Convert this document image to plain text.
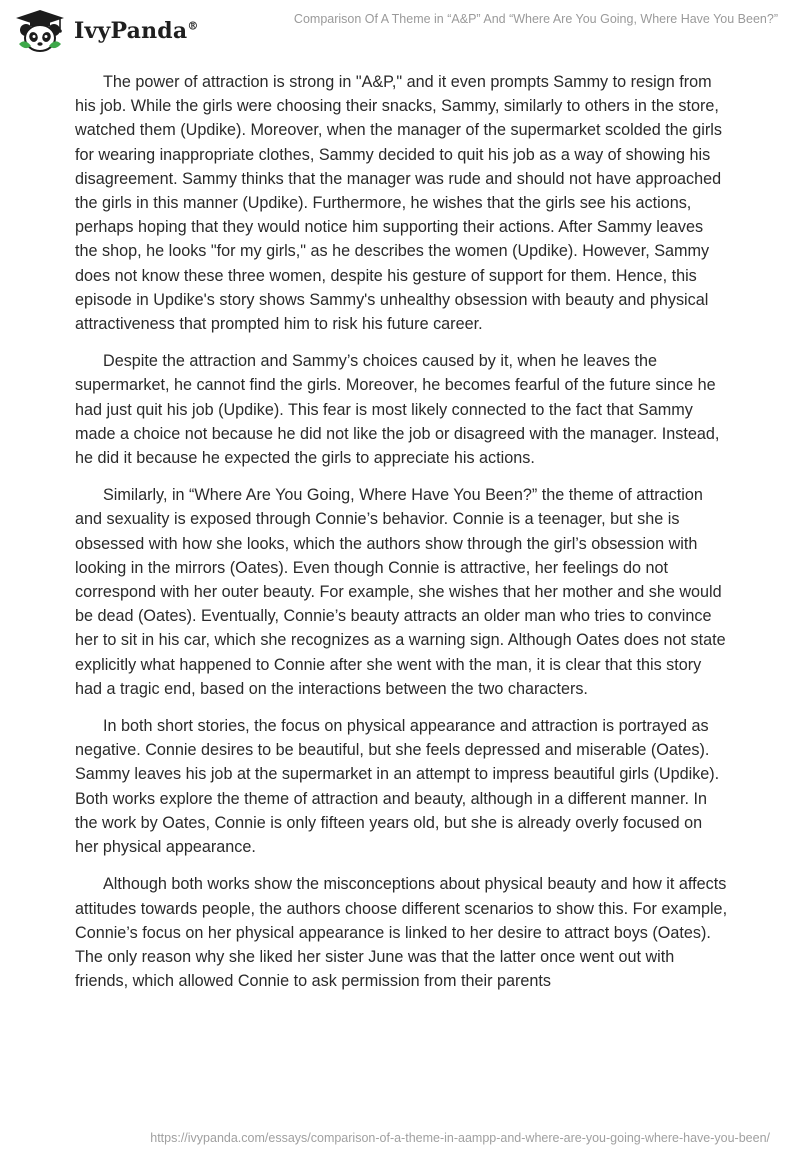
IvyPanda®
Comparison Of A Theme in “A&P” And “Where Are You Going, Where Have You Been?”

The power of attraction is strong in "A&P," and it even prompts Sammy to resign from his job. While the girls were choosing their snacks, Sammy, similarly to others in the store, watched them (Updike). Moreover, when the manager of the supermarket scolded the girls for wearing inappropriate clothes, Sammy decided to quit his job as a way of showing his disagreement. Sammy thinks that the manager was rude and should not have approached the girls in this manner (Updike). Furthermore, he wishes that the girls see his actions, perhaps hoping that they would notice him supporting their actions. After Sammy leaves the shop, he looks "for my girls," as he describes the women (Updike). However, Sammy does not know these three women, despite his gesture of support for them. Hence, this episode in Updike's story shows Sammy's unhealthy obsession with beauty and physical attractiveness that prompted him to risk his future career.

Despite the attraction and Sammy’s choices caused by it, when he leaves the supermarket, he cannot find the girls. Moreover, he becomes fearful of the future since he had just quit his job (Updike). This fear is most likely connected to the fact that Sammy made a choice not because he did not like the job or disagreed with the manager. Instead, he did it because he expected the girls to appreciate his actions.

Similarly, in “Where Are You Going, Where Have You Been?” the theme of attraction and sexuality is exposed through Connie’s behavior. Connie is a teenager, but she is obsessed with how she looks, which the authors show through the girl’s obsession with looking in the mirrors (Oates). Even though Connie is attractive, her feelings do not correspond with her outer beauty. For example, she wishes that her mother and she would be dead (Oates). Eventually, Connie’s beauty attracts an older man who tries to convince her to sit in his car, which she recognizes as a warning sign. Although Oates does not state explicitly what happened to Connie after she went with the man, it is clear that this story had a tragic end, based on the interactions between the two characters.

In both short stories, the focus on physical appearance and attraction is portrayed as negative. Connie desires to be beautiful, but she feels depressed and miserable (Oates). Sammy leaves his job at the supermarket in an attempt to impress beautiful girls (Updike). Both works explore the theme of attraction and beauty, although in a different manner. In the work by Oates, Connie is only fifteen years old, but she is already overly focused on her physical appearance.

Although both works show the misconceptions about physical beauty and how it affects attitudes towards people, the authors choose different scenarios to show this. For example, Connie’s focus on her physical appearance is linked to her desire to attract boys (Oates). The only reason why she liked her sister June was that the latter once went out with friends, which allowed Connie to ask permission from their parents

https://ivypanda.com/essays/comparison-of-a-theme-in-aampp-and-where-are-you-going-where-have-you-been/
